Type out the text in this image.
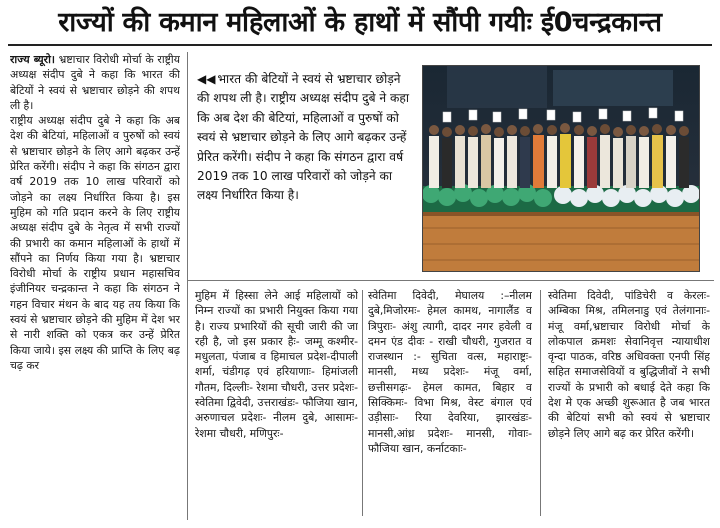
राज्यों की कमान महिलाओं के हाथों में सौंपी गयीः ई0चन्द्रकान्त

राज्य ब्यूरो। भ्रष्टाचार विरोधी मोर्चा के राष्ट्रीय अध्यक्ष संदीप दुबे ने कहा कि भारत की बेटियों ने स्वयं से भ्रष्टाचार छोड़ने की शपथ ली है।

राष्ट्रीय अध्यक्ष संदीप दुबे ने कहा कि अब देश की बेटियां, महिलाओं व पुरुषों को स्वयं से भ्रष्टाचार छोड़ने के लिए आगे बढ़कर उन्हें प्रेरित करेंगी। संदीप ने कहा कि संगठन द्वारा वर्ष 2019 तक 10 लाख परिवारों को जोड़ने का लक्ष्य निर्धारित किया है। इस मुहिम को गति प्रदान करने के लिए राष्ट्रीय अध्यक्ष संदीप दुबे के नेतृत्व में सभी राज्यों की प्रभारी का कमान महिलाओं के हाथों में सौंपने का निर्णय किया गया है। भ्रष्टाचार विरोधी मोर्चा के राष्ट्रीय प्रधान महासचिव इंजीनियर चन्द्रकान्त ने कहा कि संगठन ने गहन विचार मंथन के बाद यह तय किया कि स्वयं से भ्रष्टाचार छोड़ने की मुहिम में देश भर से नारी शक्ति को एकत्र कर उन्हें प्रेरित किया जाये। इस लक्ष्य की प्राप्ति के लिए बढ़ चढ़ कर

◀◀ भारत की बेटियों ने स्वयं से भ्रष्टाचार छोड़ने की शपथ ली है। राष्ट्रीय अध्यक्ष संदीप दुबे ने कहा कि अब देश की बेटियां, महिलाओं व पुरुषों को स्वयं से भ्रष्टाचार छोड़ने के लिए आगे बढ़कर उन्हें प्रेरित करेंगी। संदीप ने कहा कि संगठन द्वारा वर्ष 2019 तक 10 लाख परिवारों को जोड़ने का लक्ष्य निर्धारित किया है।

मुहिम में हिस्सा लेने आई महिलायों को निम्न राज्यों का प्रभारी नियुक्त किया गया है। राज्य प्रभारियों की सूची जारी की जा रही है, जो इस प्रकार हैः- जम्मू कश्मीर- मधुलता, पंजाब व हिमाचल प्रदेश-दीपाली शर्मा, चंडीगढ़ एवं हरियाणाः- हिमांजली गौतम, दिल्लीः- रेशमा चौधरी, उत्तर प्रदेशः-स्वेतिमा द्विवेदी, उत्तराखंडः- फौजिया खान, अरुणाचल प्रदेशः- नीलम दुबे, आसामः- रेशमा चौधरी, मणिपुरः-

स्वेतिमा दिवेदी, मेघालय :–नीलम दुबे,मिजोरमः- हेमल कामथ, नागालैंड व त्रिपुराः- अंशु त्यागी, दादर नगर हवेली व दमन एंड दीवः - राखी चौधरी, गुजरात व राजस्थान :- सुचिता वत्स, महाराष्ट्रः-मानसी, मध्य प्रदेशः- मंजू वर्मा, छत्तीसगढ़ः- हेमल कामत, बिहार व सिक्किमः- विभा मिश्र, वेस्ट बंगाल एवं उड़ीसाः- रिया देवरिया, झारखंडः- मानसी,आंध्र प्रदेशः- मानसी, गोवाः- फौजिया खान, कर्नाटकाः-

स्वेतिमा दिवेदी, पांडिचेरी व केरलः- अम्बिका मिश्र, तमिलनाडु एवं तेलंगानाः- मंजू वर्मा,भ्रष्टाचार विरोधी मोर्चा के लोकपाल क्रमशः सेवानिवृत्त न्यायाधीश वृन्दा पाठक, वरिष्ठ अधिवक्ता एनपी सिंह सहित समाजसेवियों व बुद्धिजीवों ने सभी राज्यों के प्रभारी को बधाई देते कहा कि देश मे एक अच्छी शुरूआत है जब भारत की बेटियां सभी को स्वयं से भ्रष्टाचार छोड़ने लिए आगे बढ़ कर प्रेरित करेंगी।
